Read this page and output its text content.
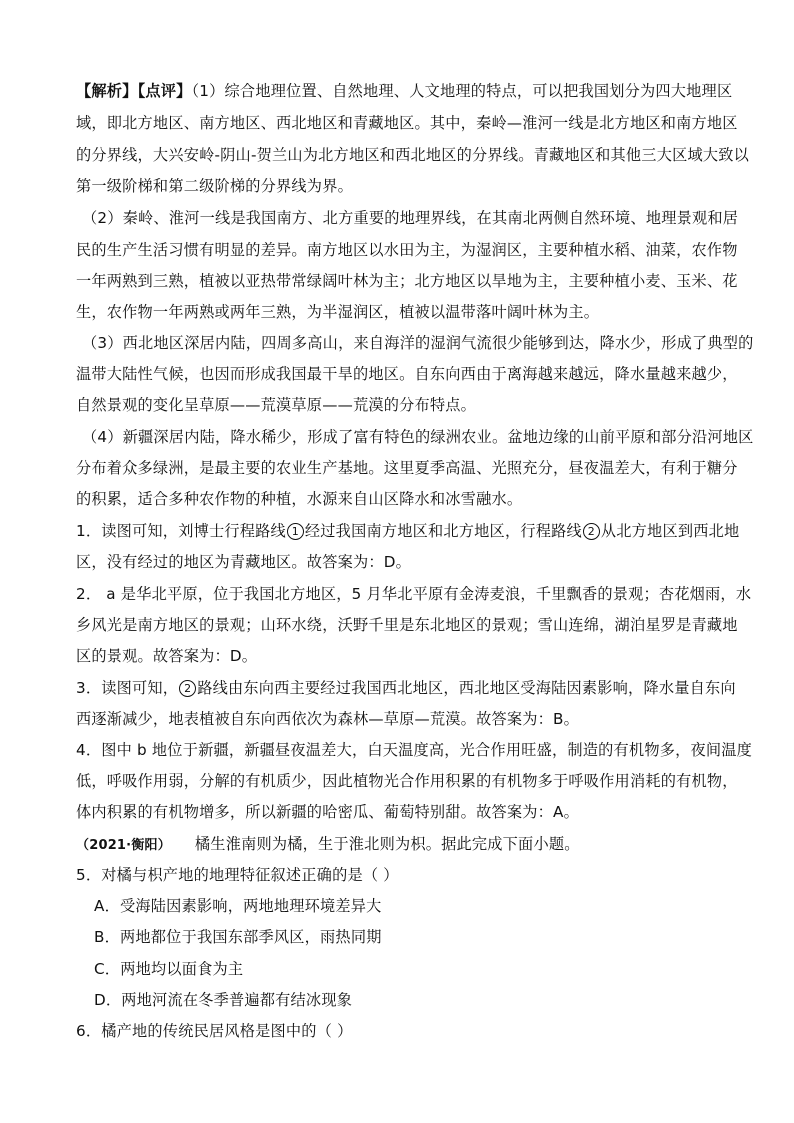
【解析】【点评】（1）综合地理位置、自然地理、人文地理的特点，可以把我国划分为四大地理区
域，即北方地区、南方地区、西北地区和青藏地区。其中，秦岭—淮河一线是北方地区和南方地区
的分界线，大兴安岭-阴山-贺兰山为北方地区和西北地区的分界线。青藏地区和其他三大区域大致以
第一级阶梯和第二级阶梯的分界线为界。
（2）秦岭、淮河一线是我国南方、北方重要的地理界线，在其南北两侧自然环境、地理景观和居
民的生产生活习惯有明显的差异。南方地区以水田为主，为湿润区，主要种植水稻、油菜，农作物
一年两熟到三熟，植被以亚热带常绿阔叶林为主；北方地区以旱地为主，主要种植小麦、玉米、花
生，农作物一年两熟或两年三熟，为半湿润区，植被以温带落叶阔叶林为主。
（3）西北地区深居内陆，四周多高山，来自海洋的湿润气流很少能够到达，降水少，形成了典型的
温带大陆性气候，也因而形成我国最干旱的地区。自东向西由于离海越来越远，降水量越来越少，
自然景观的变化呈草原——荒漠草原——荒漠的分布特点。
（4）新疆深居内陆，降水稀少，形成了富有特色的绿洲农业。盆地边缘的山前平原和部分沿河地区
分布着众多绿洲，是最主要的农业生产基地。这里夏季高温、光照充分，昼夜温差大，有利于糖分
的积累，适合多种农作物的种植，水源来自山区降水和冰雪融水。
1．读图可知，刘博士行程路线 1 经过我国南方地区和北方地区，行程路线 2 从北方地区到西北地
区，没有经过的地区为青藏地区。故答案为：D。
2． a 是华北平原，位于我国北方地区，5 月华北平原有金涛麦浪，千里飘香的景观；杏花烟雨，水
乡风光是南方地区的景观；山环水绕，沃野千里是东北地区的景观；雪山连绵，湖泊星罗是青藏地
区的景观。故答案为：D。
3．读图可知， 2 路线由东向西主要经过我国西北地区，西北地区受海陆因素影响，降水量自东向
西逐渐减少，地表植被自东向西依次为森林—草原—荒漠。故答案为：B。
4．图中 b 地位于新疆，新疆昼夜温差大，白天温度高，光合作用旺盛，制造的有机物多，夜间温度
低，呼吸作用弱，分解的有机质少，因此植物光合作用积累的有机物多于呼吸作用消耗的有机物，
体内积累的有机物增多，所以新疆的哈密瓜、葡萄特别甜。故答案为：A。
（2021·衡阳） 橘生淮南则为橘，生于淮北则为枳。据此完成下面小题。
5．对橘与枳产地的地理特征叙述正确的是（ ）
A．受海陆因素影响，两地地理环境差异大
B．两地都位于我国东部季风区，雨热同期
C．两地均以面食为主
D．两地河流在冬季普遍都有结冰现象
6．橘产地的传统民居风格是图中的（ ）
